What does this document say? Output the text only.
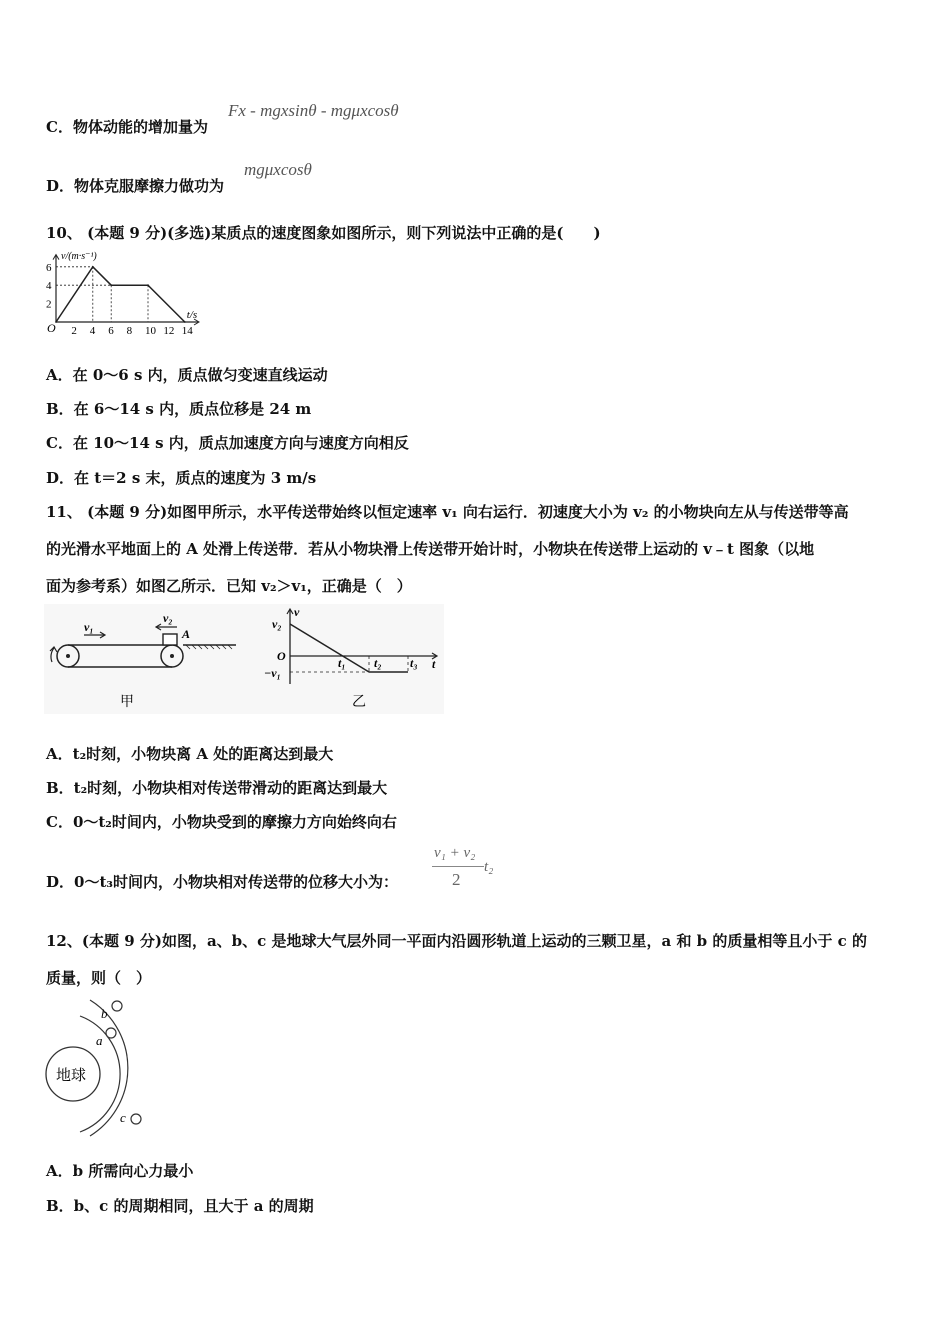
C．物体动能的增加量为
Fx - mgxsinθ - mgμxcosθ
D．物体克服摩擦力做功为
mgμxcosθ
10、 (本题 9 分)(多选)某质点的速度图象如图所示，则下列说法中正确的是(　　)
2
4
6
2 4 6 8 10 12 14
O
v/(m·s⁻¹)
t/s
A．在 0～6 s 内，质点做匀变速直线运动
B．在 6～14 s 内，质点位移是 24 m
C．在 10～14 s 内，质点加速度方向与速度方向相反
D．在 t＝2 s 末，质点的速度为 3 m/s
11、 (本题 9 分)如图甲所示，水平传送带始终以恒定速率 v₁ 向右运行．初速度大小为 v₂ 的小物块向左从与传送带等高
的光滑水平地面上的 A 处滑上传送带．若从小物块滑上传送带开始计时，小物块在传送带上运动的 v﹣t 图象（以地
面为参考系）如图乙所示．已知 v₂＞v₁，正确是（　）
A
v₁
v₂
甲
v
v₂
O
−v₁
t₁ t₂ t₃ t
乙
A．t₂时刻，小物块离 A 处的距离达到最大
B．t₂时刻，小物块相对传送带滑动的距离达到最大
C．0～t₂时间内，小物块受到的摩擦力方向始终向右
D．0～t₃时间内，小物块相对传送带的位移大小为：
v₁ + v₂
2
t₂
12、(本题 9 分)如图，a、b、c 是地球大气层外同一平面内沿圆形轨道上运动的三颗卫星，a 和 b 的质量相等且小于 c 的
质量，则（　）
地球
a
b
c
A．b 所需向心力最小
B．b、c 的周期相同，且大于 a 的周期
